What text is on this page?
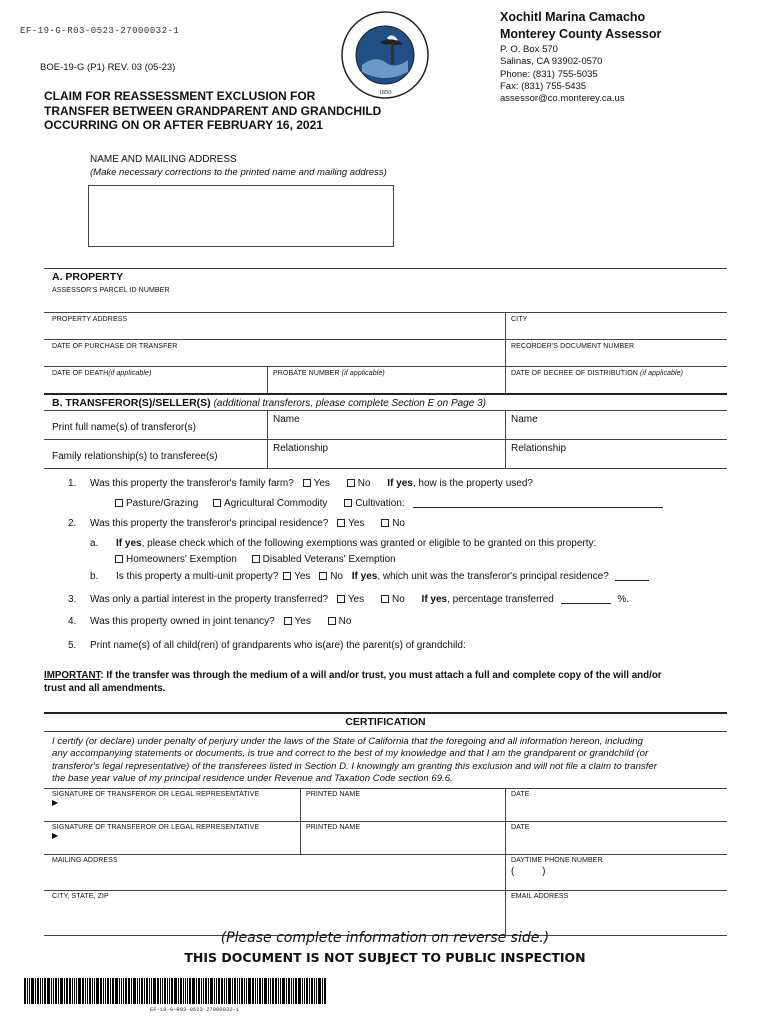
EF-19-G-R03-0523-27000032-1
1850
Xochitl Marina Camacho
Monterey County Assessor
P. O. Box 570
Salinas, CA 93902-0570
Phone: (831) 755-5035
Fax: (831) 755-5435
assessor@co.monterey.ca.us
BOE-19-G (P1) REV. 03 (05-23)
CLAIM FOR REASSESSMENT EXCLUSION FOR
TRANSFER BETWEEN GRANDPARENT AND GRANDCHILD
OCCURRING ON OR AFTER FEBRUARY 16, 2021
NAME AND MAILING ADDRESS
(Make necessary corrections to the printed name and mailing address)
A. PROPERTY
ASSESSOR'S PARCEL ID NUMBER
PROPERTY ADDRESS	CITY
DATE OF PURCHASE OR TRANSFER	RECORDER'S DOCUMENT NUMBER
DATE OF DEATH(if applicable)	PROBATE NUMBER (if applicable)	DATE OF DECREE OF DISTRIBUTION (if applicable)
B. TRANSFEROR(S)/SELLER(S) (additional transferors, please complete Section E on Page 3)
Print full name(s) of transferor(s)
Name	Name
Family relationship(s) to transferee(s)
Relationship	Relationship
1. Was this property the transferor's family farm? Yes	No If yes, how is the property used?
Pasture/Grazing	Agricultural Commodity	Cultivation:
2. Was this property the transferor's principal residence? Yes	No
a. If yes, please check which of the following exemptions was granted or eligible to be granted on this property:
Homeowners' Exemption	Disabled Veterans' Exemption
b. Is this property a multi-unit property? Yes No If yes, which unit was the transferor's principal residence?
3. Was only a partial interest in the property transferred? Yes	No If yes, percentage transferred	%.
4. Was this property owned in joint tenancy? Yes	No
5. Print name(s) of all child(ren) of grandparents who is(are) the parent(s) of grandchild:
IMPORTANT: If the transfer was through the medium of a will and/or trust, you must attach a full and complete copy of the will and/or
trust and all amendments.
CERTIFICATION
I certify (or declare) under penalty of perjury under the laws of the State of California that the foregoing and all information hereon, including
any accompanying statements or documents, is true and correct to the best of my knowledge and that I am the grandparent or grandchild (or
transferor's legal representative) of the transferees listed in Section D. I knowingly am granting this exclusion and will not file a claim to transfer
the base year value of my principal residence under Revenue and Taxation Code section 69.6.
SIGNATURE OF TRANSFEROR OR LEGAL REPRESENTATIVE
▶
PRINTED NAME	DATE
SIGNATURE OF TRANSFEROR OR LEGAL REPRESENTATIVE
▶
PRINTED NAME	DATE
MAILING ADDRESS	DAYTIME PHONE NUMBER
(          )
CITY, STATE, ZIP	EMAIL ADDRESS
(Please complete information on reverse side.)
THIS DOCUMENT IS NOT SUBJECT TO PUBLIC INSPECTION
EF-19-G-R03-0523-27000032-1
